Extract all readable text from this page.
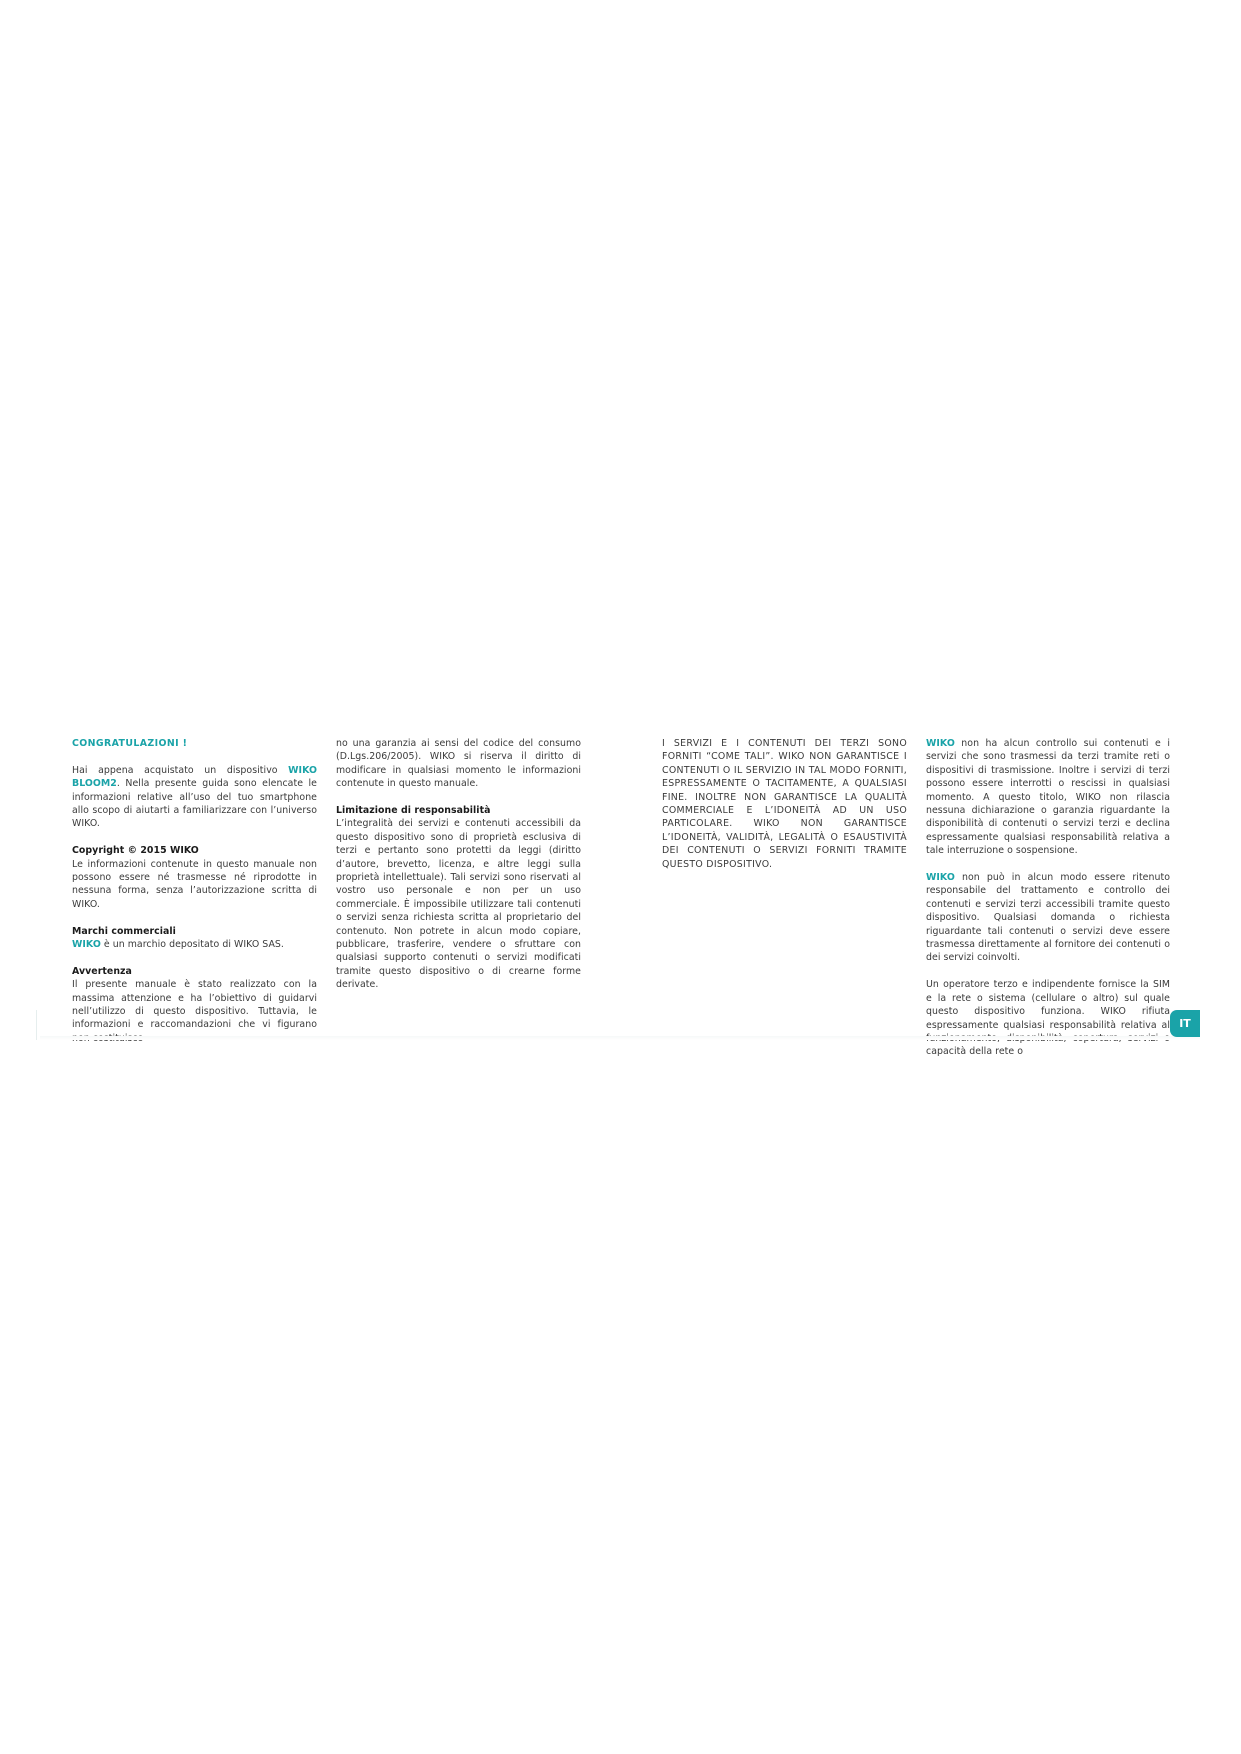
CONGRATULAZIONI !

Hai appena acquistato un dispositivo WIKO BLOOM2. Nella presente guida sono elencate le informazioni relative all’uso del tuo smartphone allo scopo di aiutarti a familiarizzare con l’universo WIKO.

Copyright © 2015 WIKO

Le informazioni contenute in questo manuale non possono essere né trasmesse né riprodotte in nessuna forma, senza l’autorizzazione scritta di WIKO.

Marchi commerciali

WIKO è un marchio depositato di WIKO SAS.

Avvertenza

Il presente manuale è stato realizzato con la massima attenzione e ha l’obiettivo di guidarvi nell’utilizzo di questo dispositivo. Tuttavia, le informazioni e raccomandazioni che vi figurano

no una garanzia ai sensi del codice del consumo (D.Lgs.206/2005). WIKO si riserva il diritto di modificare in qualsiasi momento le informazioni contenute in questo manuale.

Limitazione di responsabilità

L’integralità dei servizi e contenuti accessibili da questo dispositivo sono di proprietà esclusiva di terzi e pertanto sono protetti da leggi (diritto d’autore, brevetto, licenza, e altre leggi sulla proprietà intellettuale). Tali servizi sono riservati al vostro uso personale e non per un uso commerciale. È impossibile utilizzare tali contenuti o servizi senza richiesta scritta al proprietario del contenuto. Non potrete in alcun modo copiare, pubblicare, trasferire, vendere o sfruttare con qualsiasi supporto contenuti o servizi modificati tramite questo dispositivo o di crearne forme derivate.

I SERVIZI E I CONTENUTI DEI TERZI SONO FORNITI “COME TALI”. WIKO NON GARANTISCE I CONTENUTI O IL SERVIZIO IN TAL MODO FORNITI, ESPRESSAMENTE O TACITAMENTE, A QUALSIASI FINE. INOLTRE NON GARANTISCE LA QUALITÀ COMMERCIALE E L’IDONEITÀ AD UN USO PARTICOLARE. WIKO NON GARANTISCE L’IDONEITÀ, VALIDITÀ, LEGALITÀ O ESAUSTIVITÀ DEI CONTENUTI O SERVIZI FORNITI TRAMITE QUESTO DISPOSITIVO.

WIKO non ha alcun controllo sui contenuti e i servizi che sono trasmessi da terzi tramite reti o dispositivi di trasmissione. Inoltre i servizi di terzi possono essere interrotti o rescissi in qualsiasi momento. A questo titolo, WIKO non rilascia nessuna dichiarazione o garanzia riguardante la disponibilità di contenuti o servizi terzi e declina espressamente qualsiasi responsabilità relativa a tale interruzione o sospensione.

WIKO non può in alcun modo essere ritenuto responsabile del trattamento e controllo dei contenuti e servizi terzi accessibili tramite questo dispositivo. Qualsiasi domanda o richiesta riguardante tali contenuti o servizi deve essere trasmessa direttamente al fornitore dei contenuti o dei servizi coinvolti.

Un operatore terzo e indipendente fornisce la SIM e la rete o sistema (cellulare o altro) sul quale questo dispositivo funziona. WIKO rifiuta espressamente qualsiasi responsabilità relativa al capacità della rete o

IT
